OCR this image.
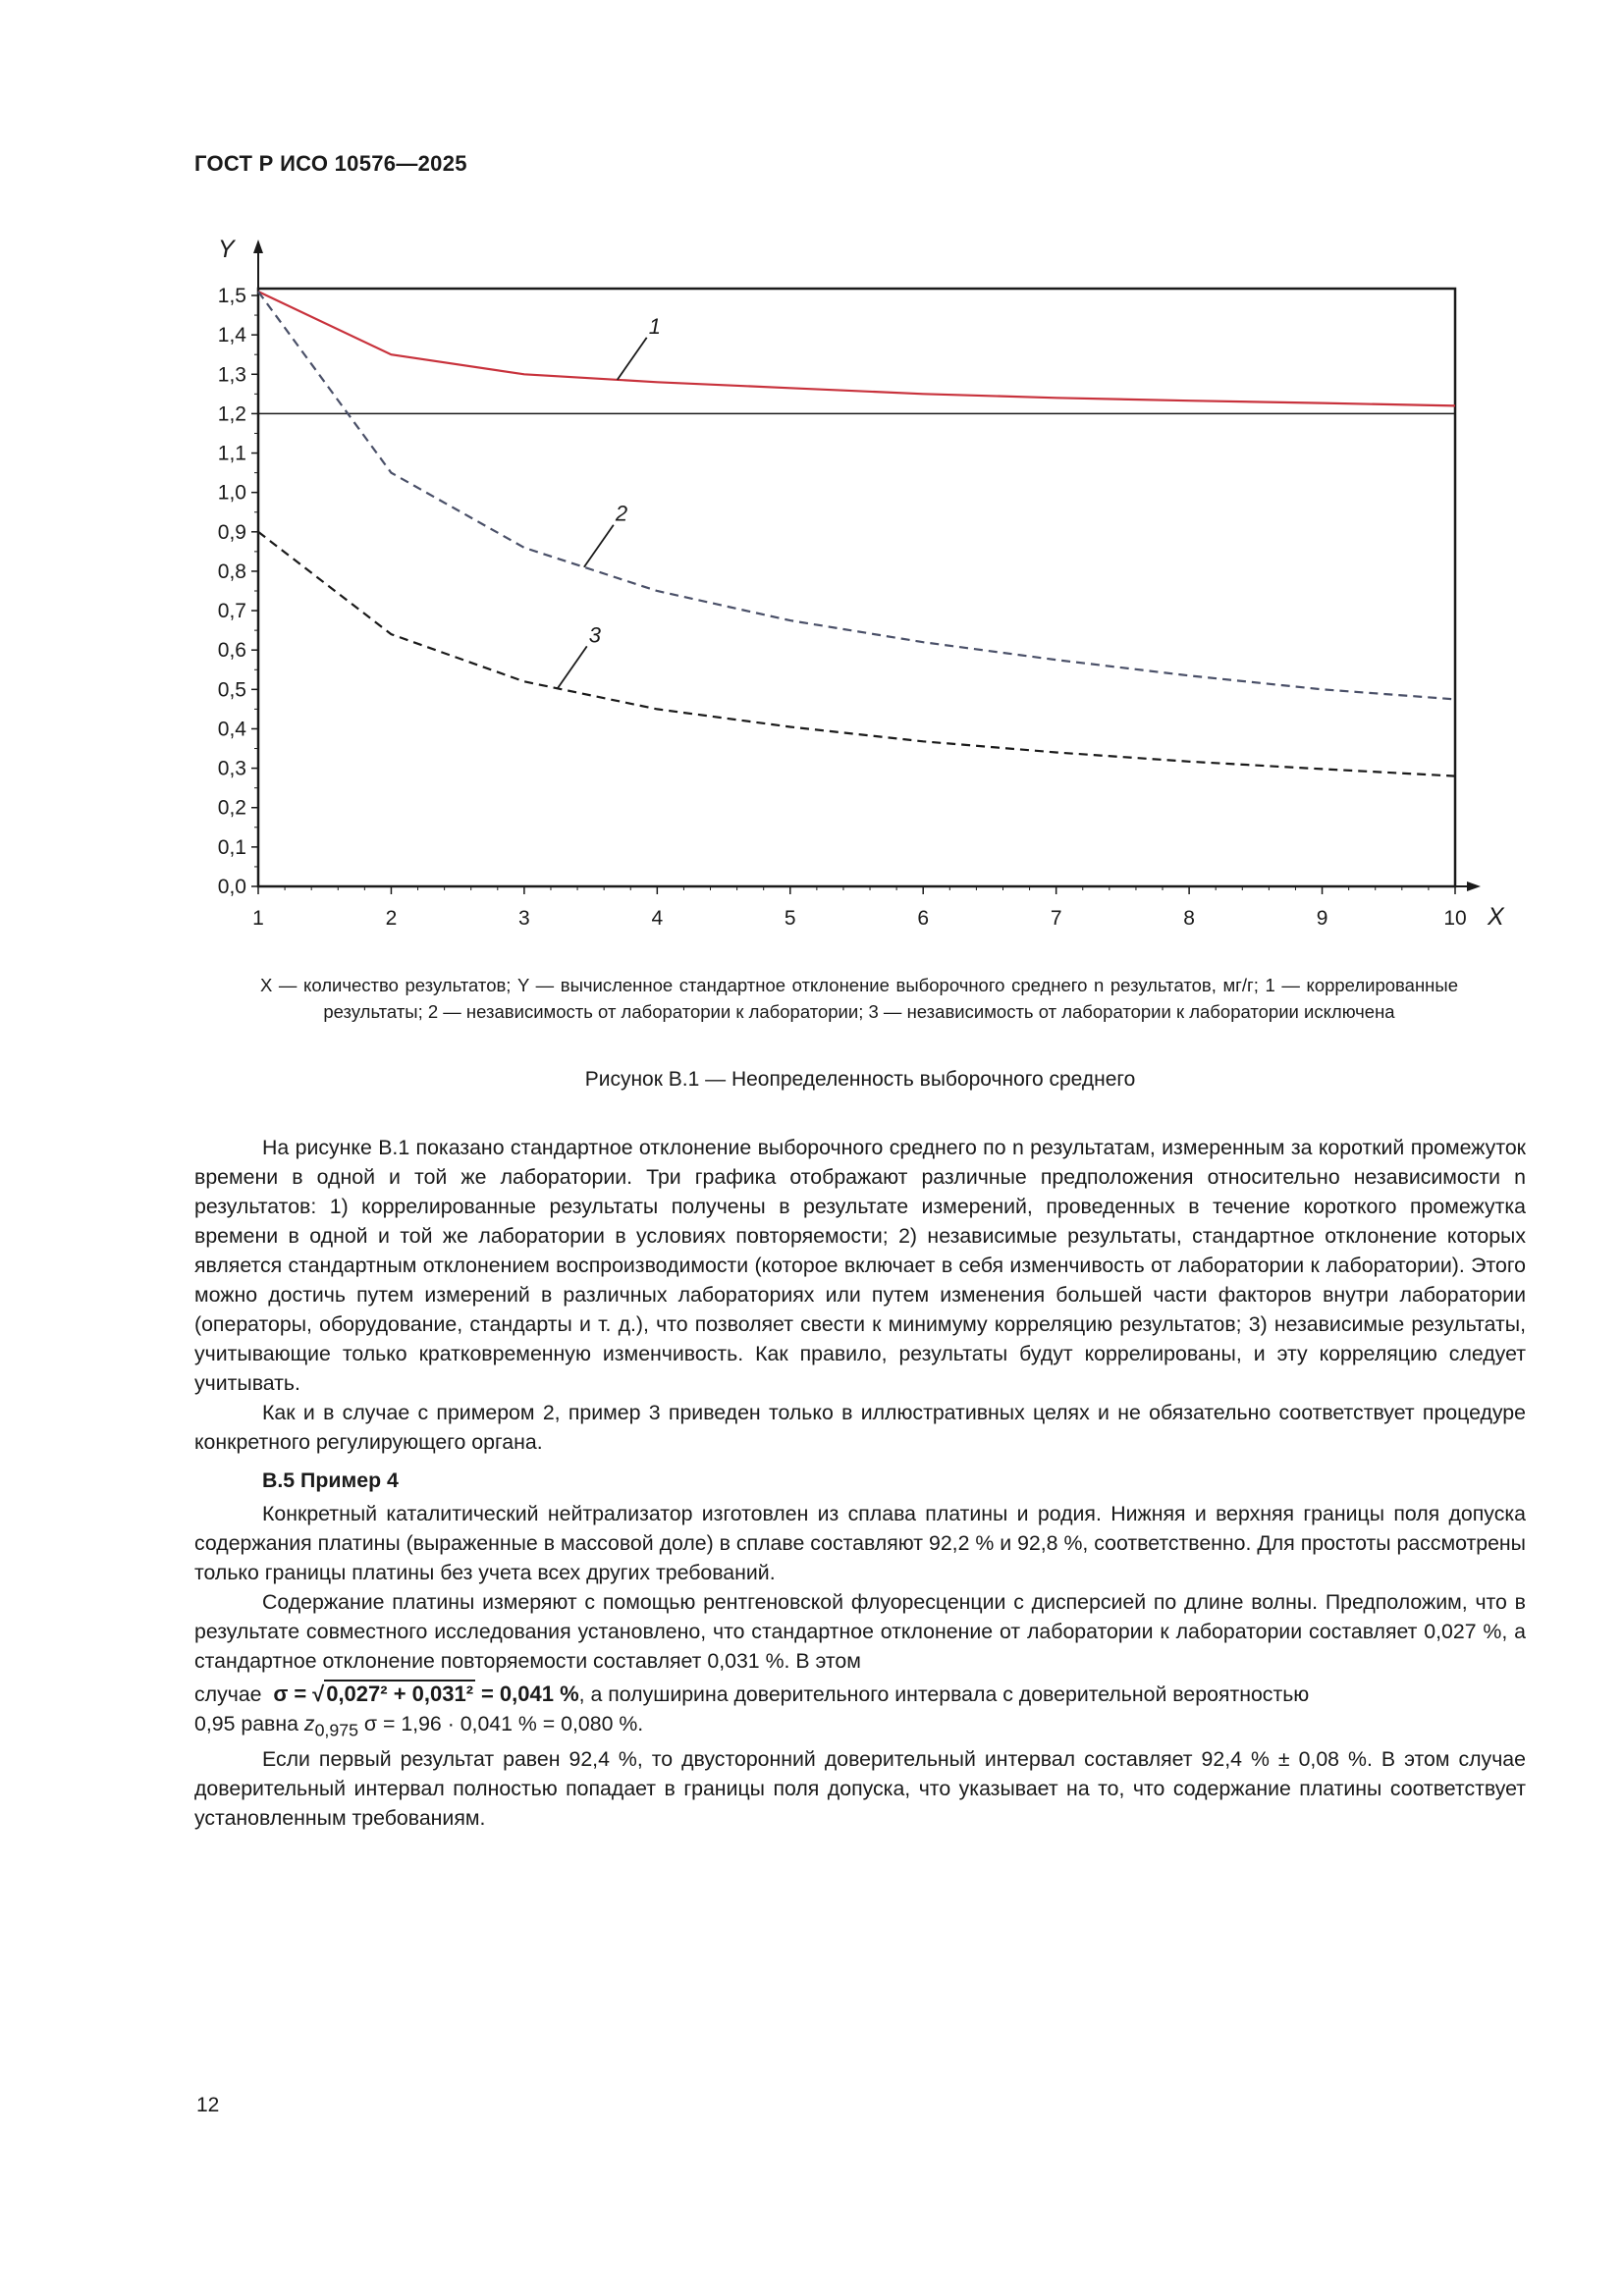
ГОСТ Р ИСО 10576—2025
Y
X
0,0
0,1
0,2
0,3
0,4
0,5
0,6
0,7
0,8
0,9
1,0
1,1
1,2
1,3
1,4
1,5
1	2	3	4	5	6	7	8	9	10
1
2
3
X — количество результатов; Y — вычисленное стандартное отклонение выборочного среднего n результатов, мг/г; 1 — коррелированные результаты; 2 — независимость от лаборатории к лаборатории; 3 — независимость от лаборатории к лаборатории исключена
Рисунок В.1 — Неопределенность выборочного среднего

На рисунке В.1 показано стандартное отклонение выборочного среднего по n результатам, измеренным за короткий промежуток времени в одной и той же лаборатории. Три графика отображают различные предположения относительно независимости n результатов: 1) коррелированные результаты получены в результате измерений, проведенных в течение короткого промежутка времени в одной и той же лаборатории в условиях повторяемости; 2) независимые результаты, стандартное отклонение которых является стандартным отклонением воспроизводимости (которое включает в себя изменчивость от лаборатории к лаборатории). Этого можно достичь путем измерений в различных лабораториях или путем изменения большей части факторов внутри лаборатории (операторы, оборудование, стандарты и т. д.), что позволяет свести к минимуму корреляцию результатов; 3) независимые результаты, учитывающие только кратковременную изменчивость. Как правило, результаты будут коррелированы, и эту корреляцию следует учитывать.

Как и в случае с примером 2, пример 3 приведен только в иллюстративных целях и не обязательно соответствует процедуре конкретного регулирующего органа.

В.5 Пример 4

Конкретный каталитический нейтрализатор изготовлен из сплава платины и родия. Нижняя и верхняя границы поля допуска содержания платины (выраженные в массовой доле) в сплаве составляют 92,2 % и 92,8 %, соответственно. Для простоты рассмотрены только границы платины без учета всех других требований.

Содержание платины измеряют с помощью рентгеновской флуоресценции с дисперсией по длине волны. Предположим, что в результате совместного исследования установлено, что стандартное отклонение от лаборатории к лаборатории составляет 0,027 %, а стандартное отклонение повторяемости составляет 0,031 %. В этом

случае σ = √0,027² + 0,031² = 0,041 %, а полуширина доверительного интервала с доверительной вероятностью

0,95 равна $z_{0,975}$ σ = 1,96 · 0,041 % = 0,080 %.

Если первый результат равен 92,4 %, то двусторонний доверительный интервал составляет 92,4 % ± 0,08 %. В этом случае доверительный интервал полностью попадает в границы поля допуска, что указывает на то, что содержание платины соответствует установленным требованиям.

12
